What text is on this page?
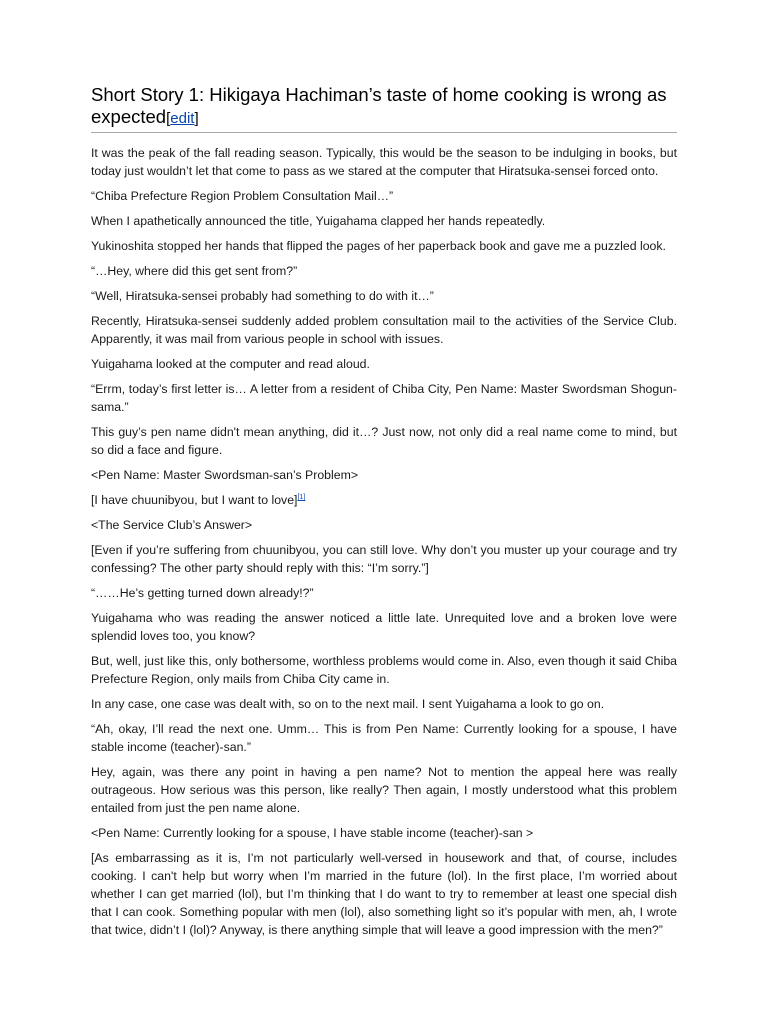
Short Story 1: Hikigaya Hachiman’s taste of home cooking is wrong as expected[edit]

It was the peak of the fall reading season. Typically, this would be the season to be indulging in books, but today just wouldn’t let that come to pass as we stared at the computer that Hiratsuka-sensei forced onto.

“Chiba Prefecture Region Problem Consultation Mail…”

When I apathetically announced the title, Yuigahama clapped her hands repeatedly.

Yukinoshita stopped her hands that flipped the pages of her paperback book and gave me a puzzled look.

“…Hey, where did this get sent from?”

“Well, Hiratsuka-sensei probably had something to do with it…”

Recently, Hiratsuka-sensei suddenly added problem consultation mail to the activities of the Service Club. Apparently, it was mail from various people in school with issues.

Yuigahama looked at the computer and read aloud.

“Errm, today’s first letter is… A letter from a resident of Chiba City, Pen Name: Master Swordsman Shogun-sama.”

This guy’s pen name didn't mean anything, did it…? Just now, not only did a real name come to mind, but so did a face and figure.

<Pen Name: Master Swordsman-san’s Problem>

[I have chuunibyou, but I want to love][1]

<The Service Club’s Answer>

[Even if you’re suffering from chuunibyou, you can still love. Why don’t you muster up your courage and try confessing? The other party should reply with this: “I’m sorry.”]

“……He’s getting turned down already!?”

Yuigahama who was reading the answer noticed a little late. Unrequited love and a broken love were splendid loves too, you know?

But, well, just like this, only bothersome, worthless problems would come in. Also, even though it said Chiba Prefecture Region, only mails from Chiba City came in.

In any case, one case was dealt with, so on to the next mail. I sent Yuigahama a look to go on.

“Ah, okay, I’ll read the next one. Umm… This is from Pen Name: Currently looking for a spouse, I have stable income (teacher)-san.”

Hey, again, was there any point in having a pen name? Not to mention the appeal here was really outrageous. How serious was this person, like really? Then again, I mostly understood what this problem entailed from just the pen name alone.

<Pen Name: Currently looking for a spouse, I have stable income (teacher)-san >

[As embarrassing as it is, I’m not particularly well-versed in housework and that, of course, includes cooking. I can't help but worry when I’m married in the future (lol). In the first place, I’m worried about whether I can get married (lol), but I’m thinking that I do want to try to remember at least one special dish that I can cook. Something popular with men (lol), also something light so it’s popular with men, ah, I wrote that twice, didn’t I (lol)? Anyway, is there anything simple that will leave a good impression with the men?”
